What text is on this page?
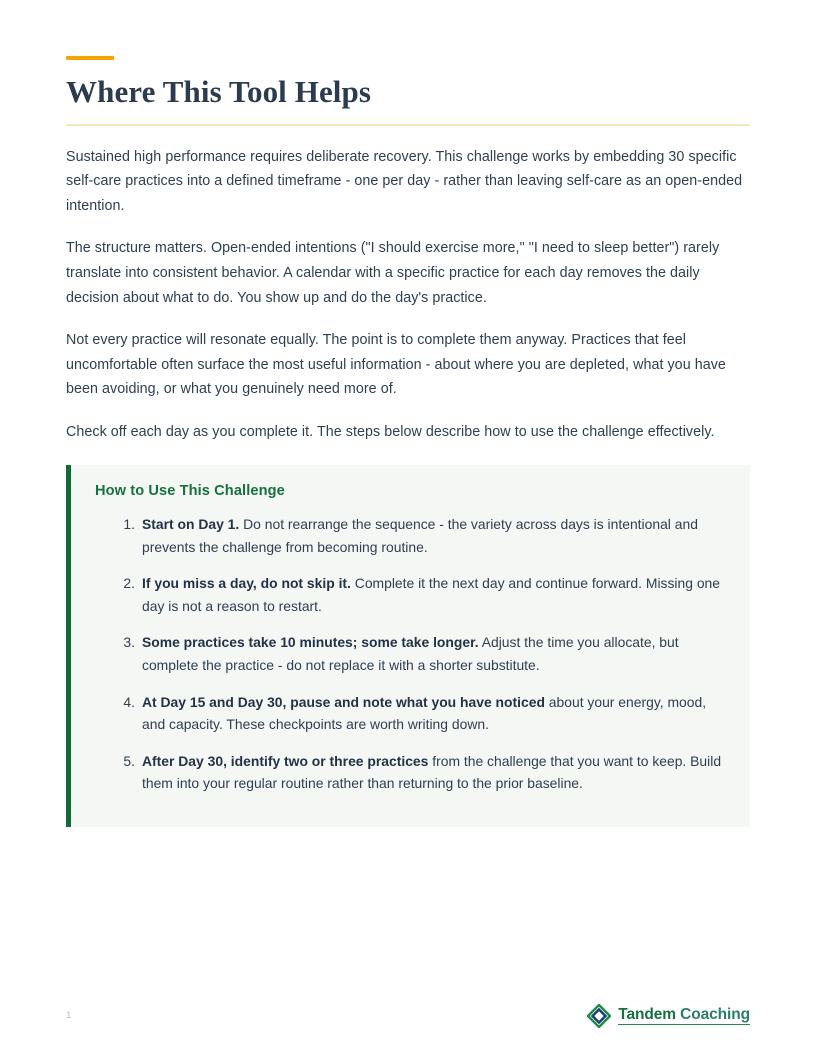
Where This Tool Helps

Sustained high performance requires deliberate recovery. This challenge works by embedding 30 specific self-care practices into a defined timeframe - one per day - rather than leaving self-care as an open-ended intention.

The structure matters. Open-ended intentions ("I should exercise more," "I need to sleep better") rarely translate into consistent behavior. A calendar with a specific practice for each day removes the daily decision about what to do. You show up and do the day's practice.

Not every practice will resonate equally. The point is to complete them anyway. Practices that feel uncomfortable often surface the most useful information - about where you are depleted, what you have been avoiding, or what you genuinely need more of.

Check off each day as you complete it. The steps below describe how to use the challenge effectively.

How to Use This Challenge
Start on Day 1. Do not rearrange the sequence - the variety across days is intentional and prevents the challenge from becoming routine.
If you miss a day, do not skip it. Complete it the next day and continue forward. Missing one day is not a reason to restart.
Some practices take 10 minutes; some take longer. Adjust the time you allocate, but complete the practice - do not replace it with a shorter substitute.
At Day 15 and Day 30, pause and note what you have noticed about your energy, mood, and capacity. These checkpoints are worth writing down.
After Day 30, identify two or three practices from the challenge that you want to keep. Build them into your regular routine rather than returning to the prior baseline.
1	Tandem Coaching
